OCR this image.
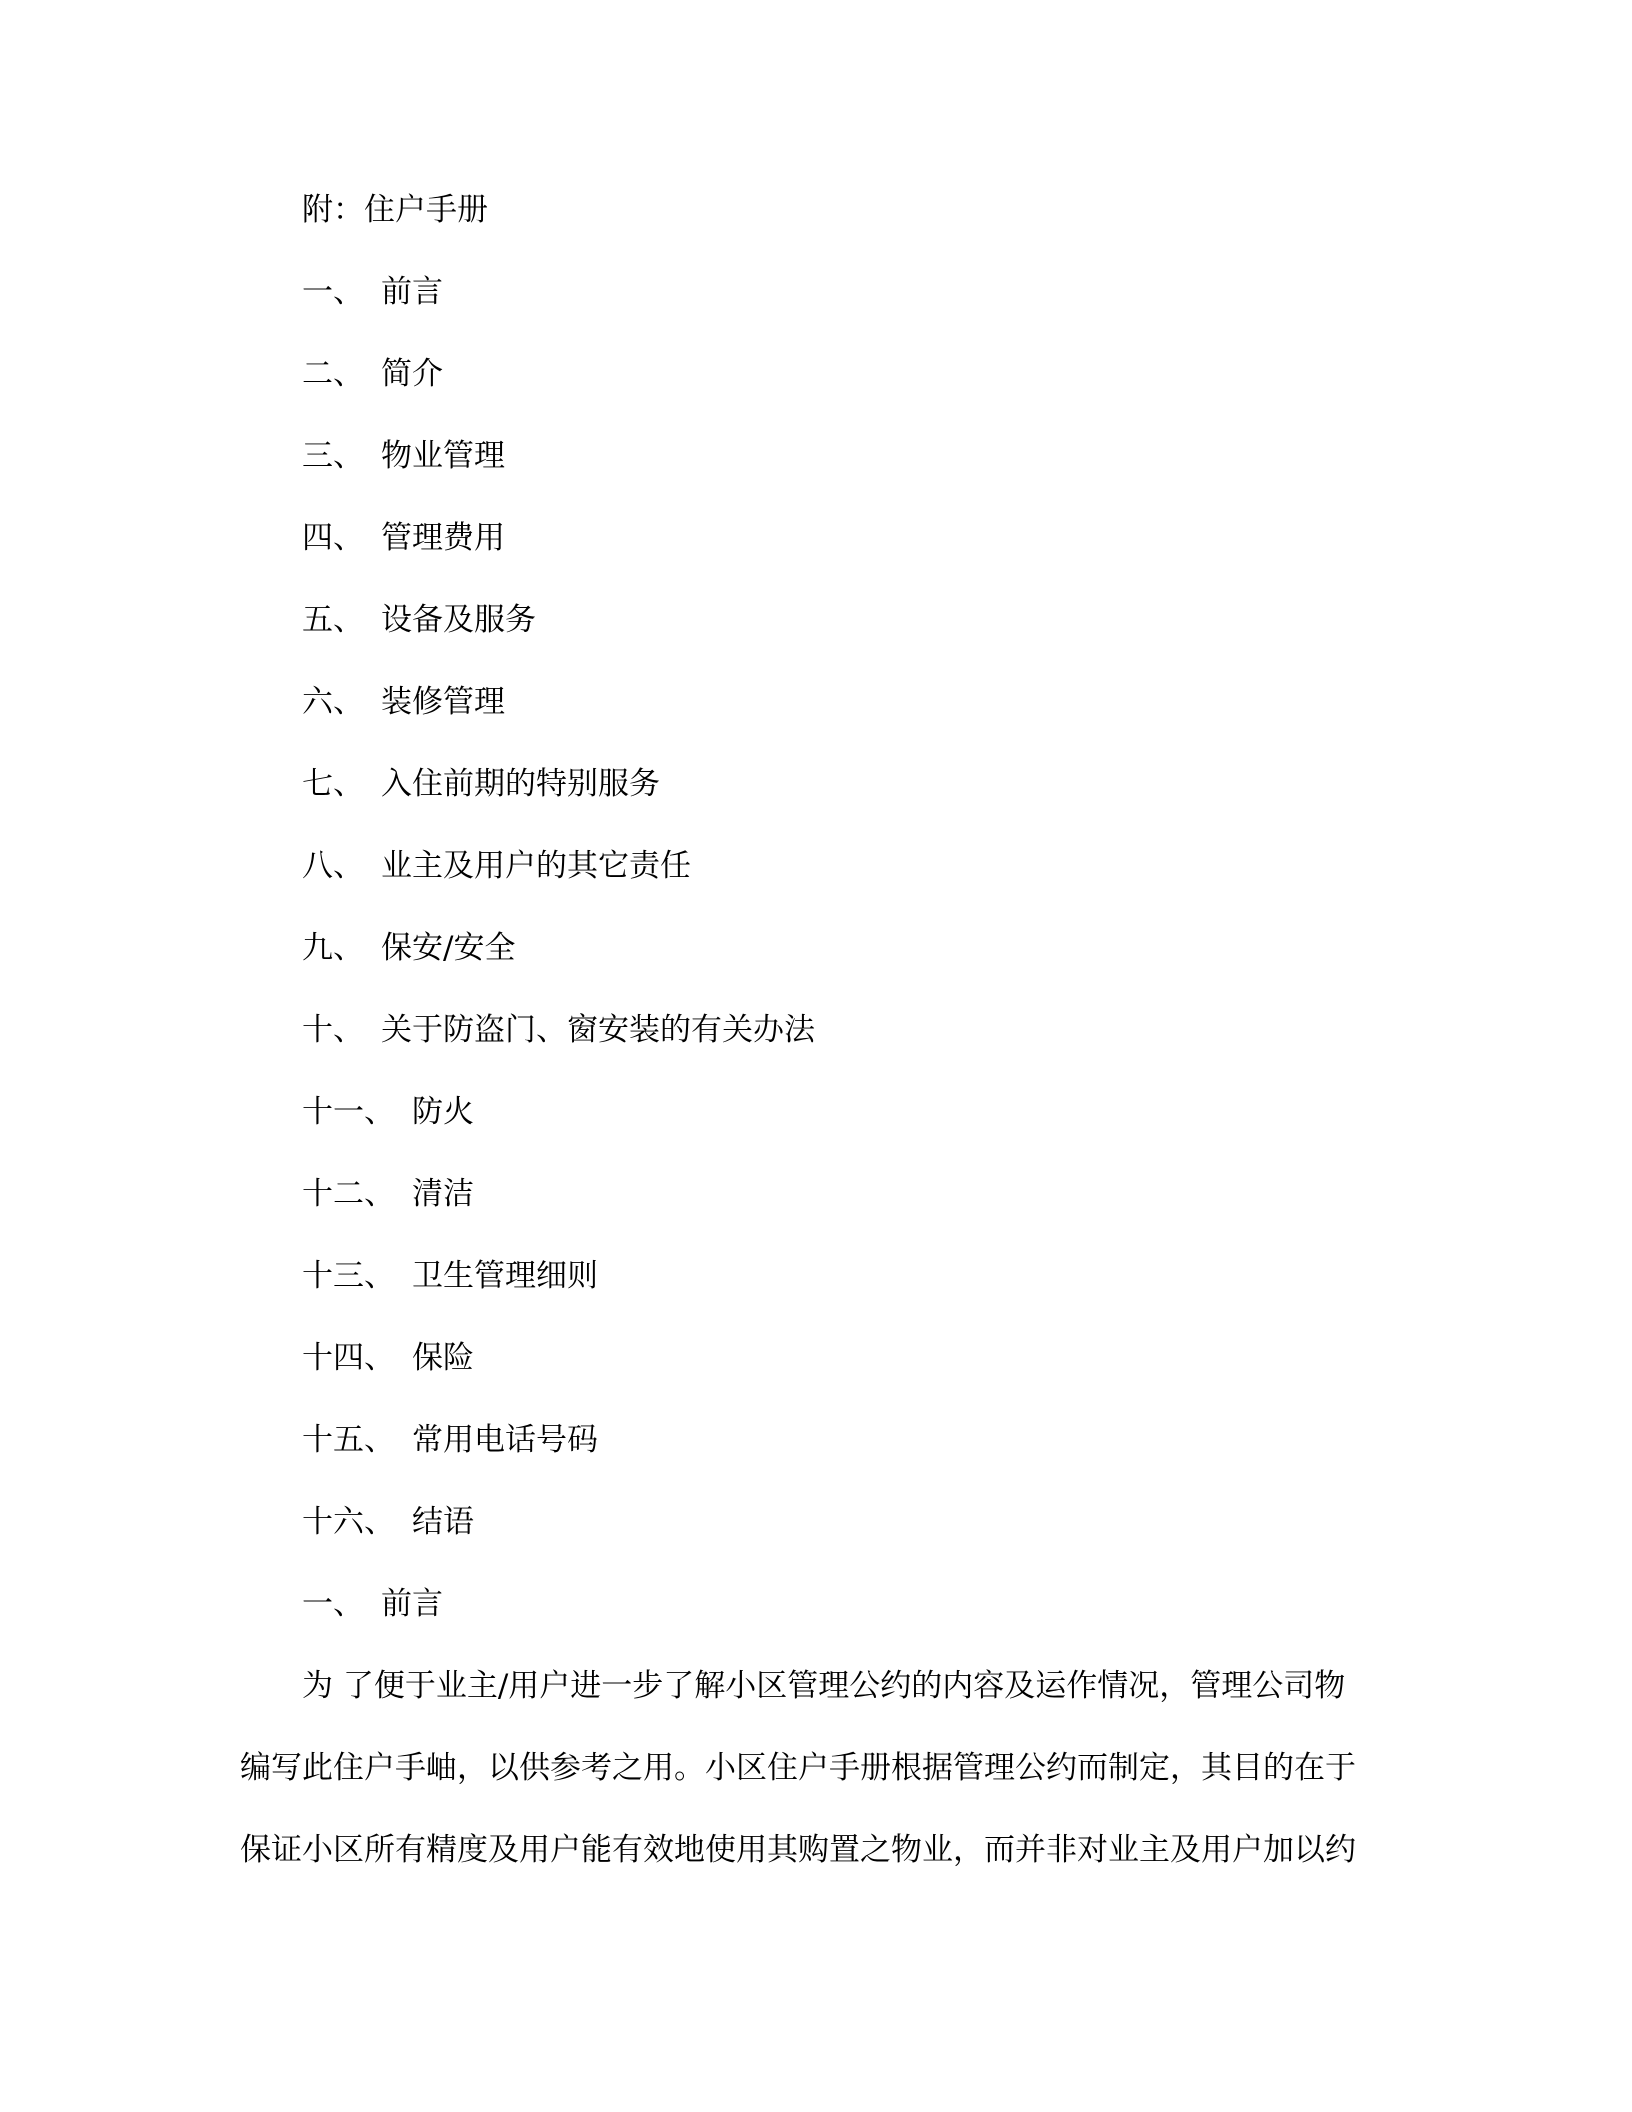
附：住户手册
一、 前言
二、 简介
三、 物业管理
四、 管理费用
五、 设备及服务
六、 装修管理
七、 入住前期的特别服务
八、 业主及用户的其它责任
九、 保安/安全
十、 关于防盗门、窗安装的有关办法
十一、 防火
十二、 清洁
十三、 卫生管理细则
十四、 保险
十五、 常用电话号码
十六、 结语
一、 前言
为 了便于业主/用户进一步了解小区管理公约的内容及运作情况，管理公司物
编写此住户手岫，以供参考之用。小区住户手册根据管理公约而制定，其目的在于
保证小区所有精度及用户能有效地使用其购置之物业，而并非对业主及用户加以约
